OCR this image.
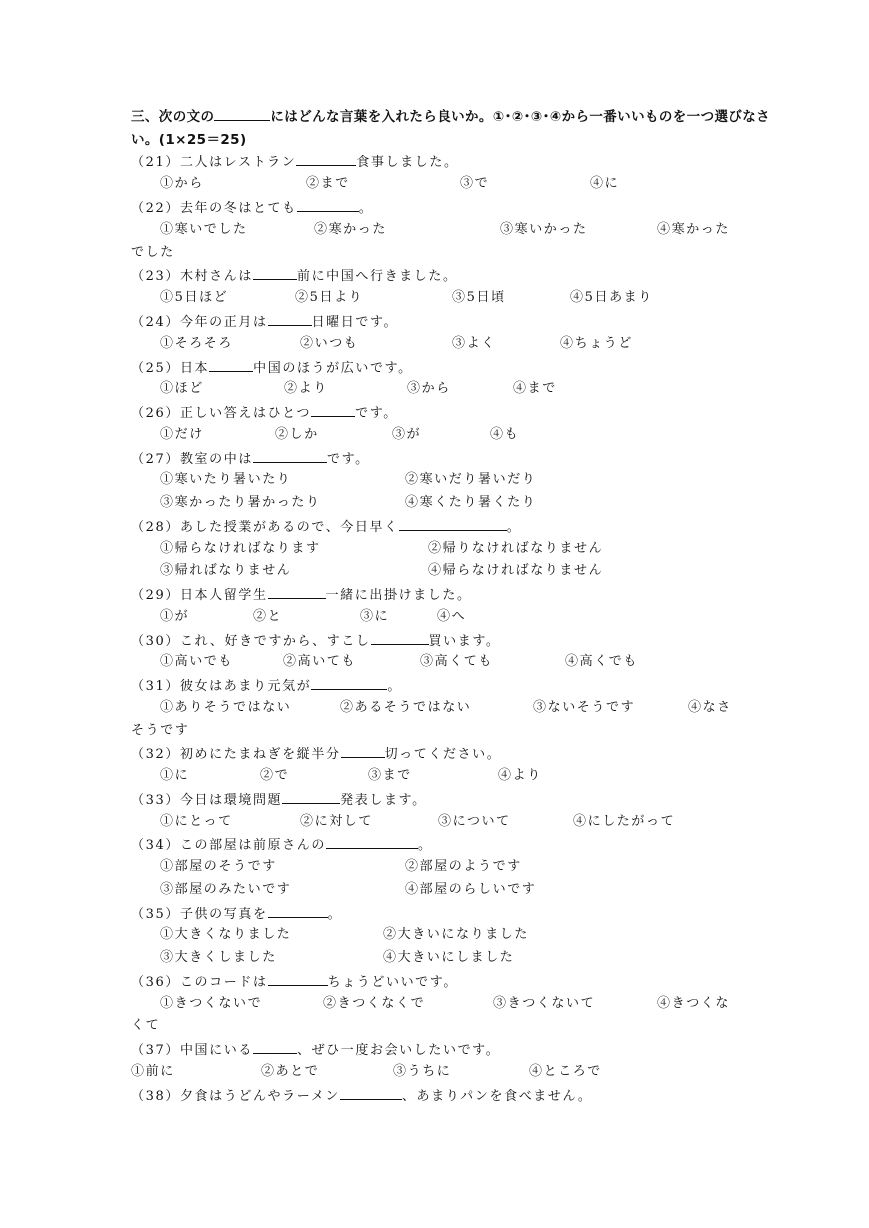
三、次の文の	にはどんな言葉を入れたら良いか。①･②･③･④から一番いいものを一つ選びなさい。(1×25＝25)
（21）二人はレストラン	食事しました。
①から	②まで	③で	④に
（22）去年の冬はとても	。
①寒いでした	②寒かった	③寒いかった	④寒かった
でした
（23）木村さんは	前に中国へ行きました。
①5日ほど	②5日より	③5日頃	④5日あまり
（24）今年の正月は	日曜日です。
①そろそろ	②いつも	③よく	④ちょうど
（25）日本	中国のほうが広いです。
①ほど	②より	③から	④まで
（26）正しい答えはひとつ	です。
①だけ	②しか	③が	④も
（27）教室の中は	です。
①寒いたり暑いたり	②寒いだり暑いだり
③寒かったり暑かったり	④寒くたり暑くたり
（28）あした授業があるので、今日早く	。
①帰らなければなります	②帰りなければなりません
③帰ればなりません	④帰らなければなりません
（29）日本人留学生	一緒に出掛けました。
①が	②と	③に	④へ
（30）これ、好きですから、すこし	買います。
①高いでも	②高いても	③高くても	④高くでも
（31）彼女はあまり元気が	。
①ありそうではない	②あるそうではない	③ないそうです	④なさ
そうです
（32）初めにたまねぎを縦半分	切ってください。
①に	②で	③まで	④より
（33）今日は環境問題	発表します。
①にとって	②に対して	③について	④にしたがって
（34）この部屋は前原さんの	。
①部屋のそうです	②部屋のようです
③部屋のみたいです	④部屋のらしいです
（35）子供の写真を	。
①大きくなりました	②大きいになりました
③大きくしました	④大きいにしました
（36）このコードは	ちょうどいいです。
①きつくないで	②きつくなくで	③きつくないて	④きつくな
くて
（37）中国にいる	、ぜひ一度お会いしたいです。
①前に	②あとで	③うちに	④ところで
（38）夕食はうどんやラーメン	、あまりパンを食べません。
